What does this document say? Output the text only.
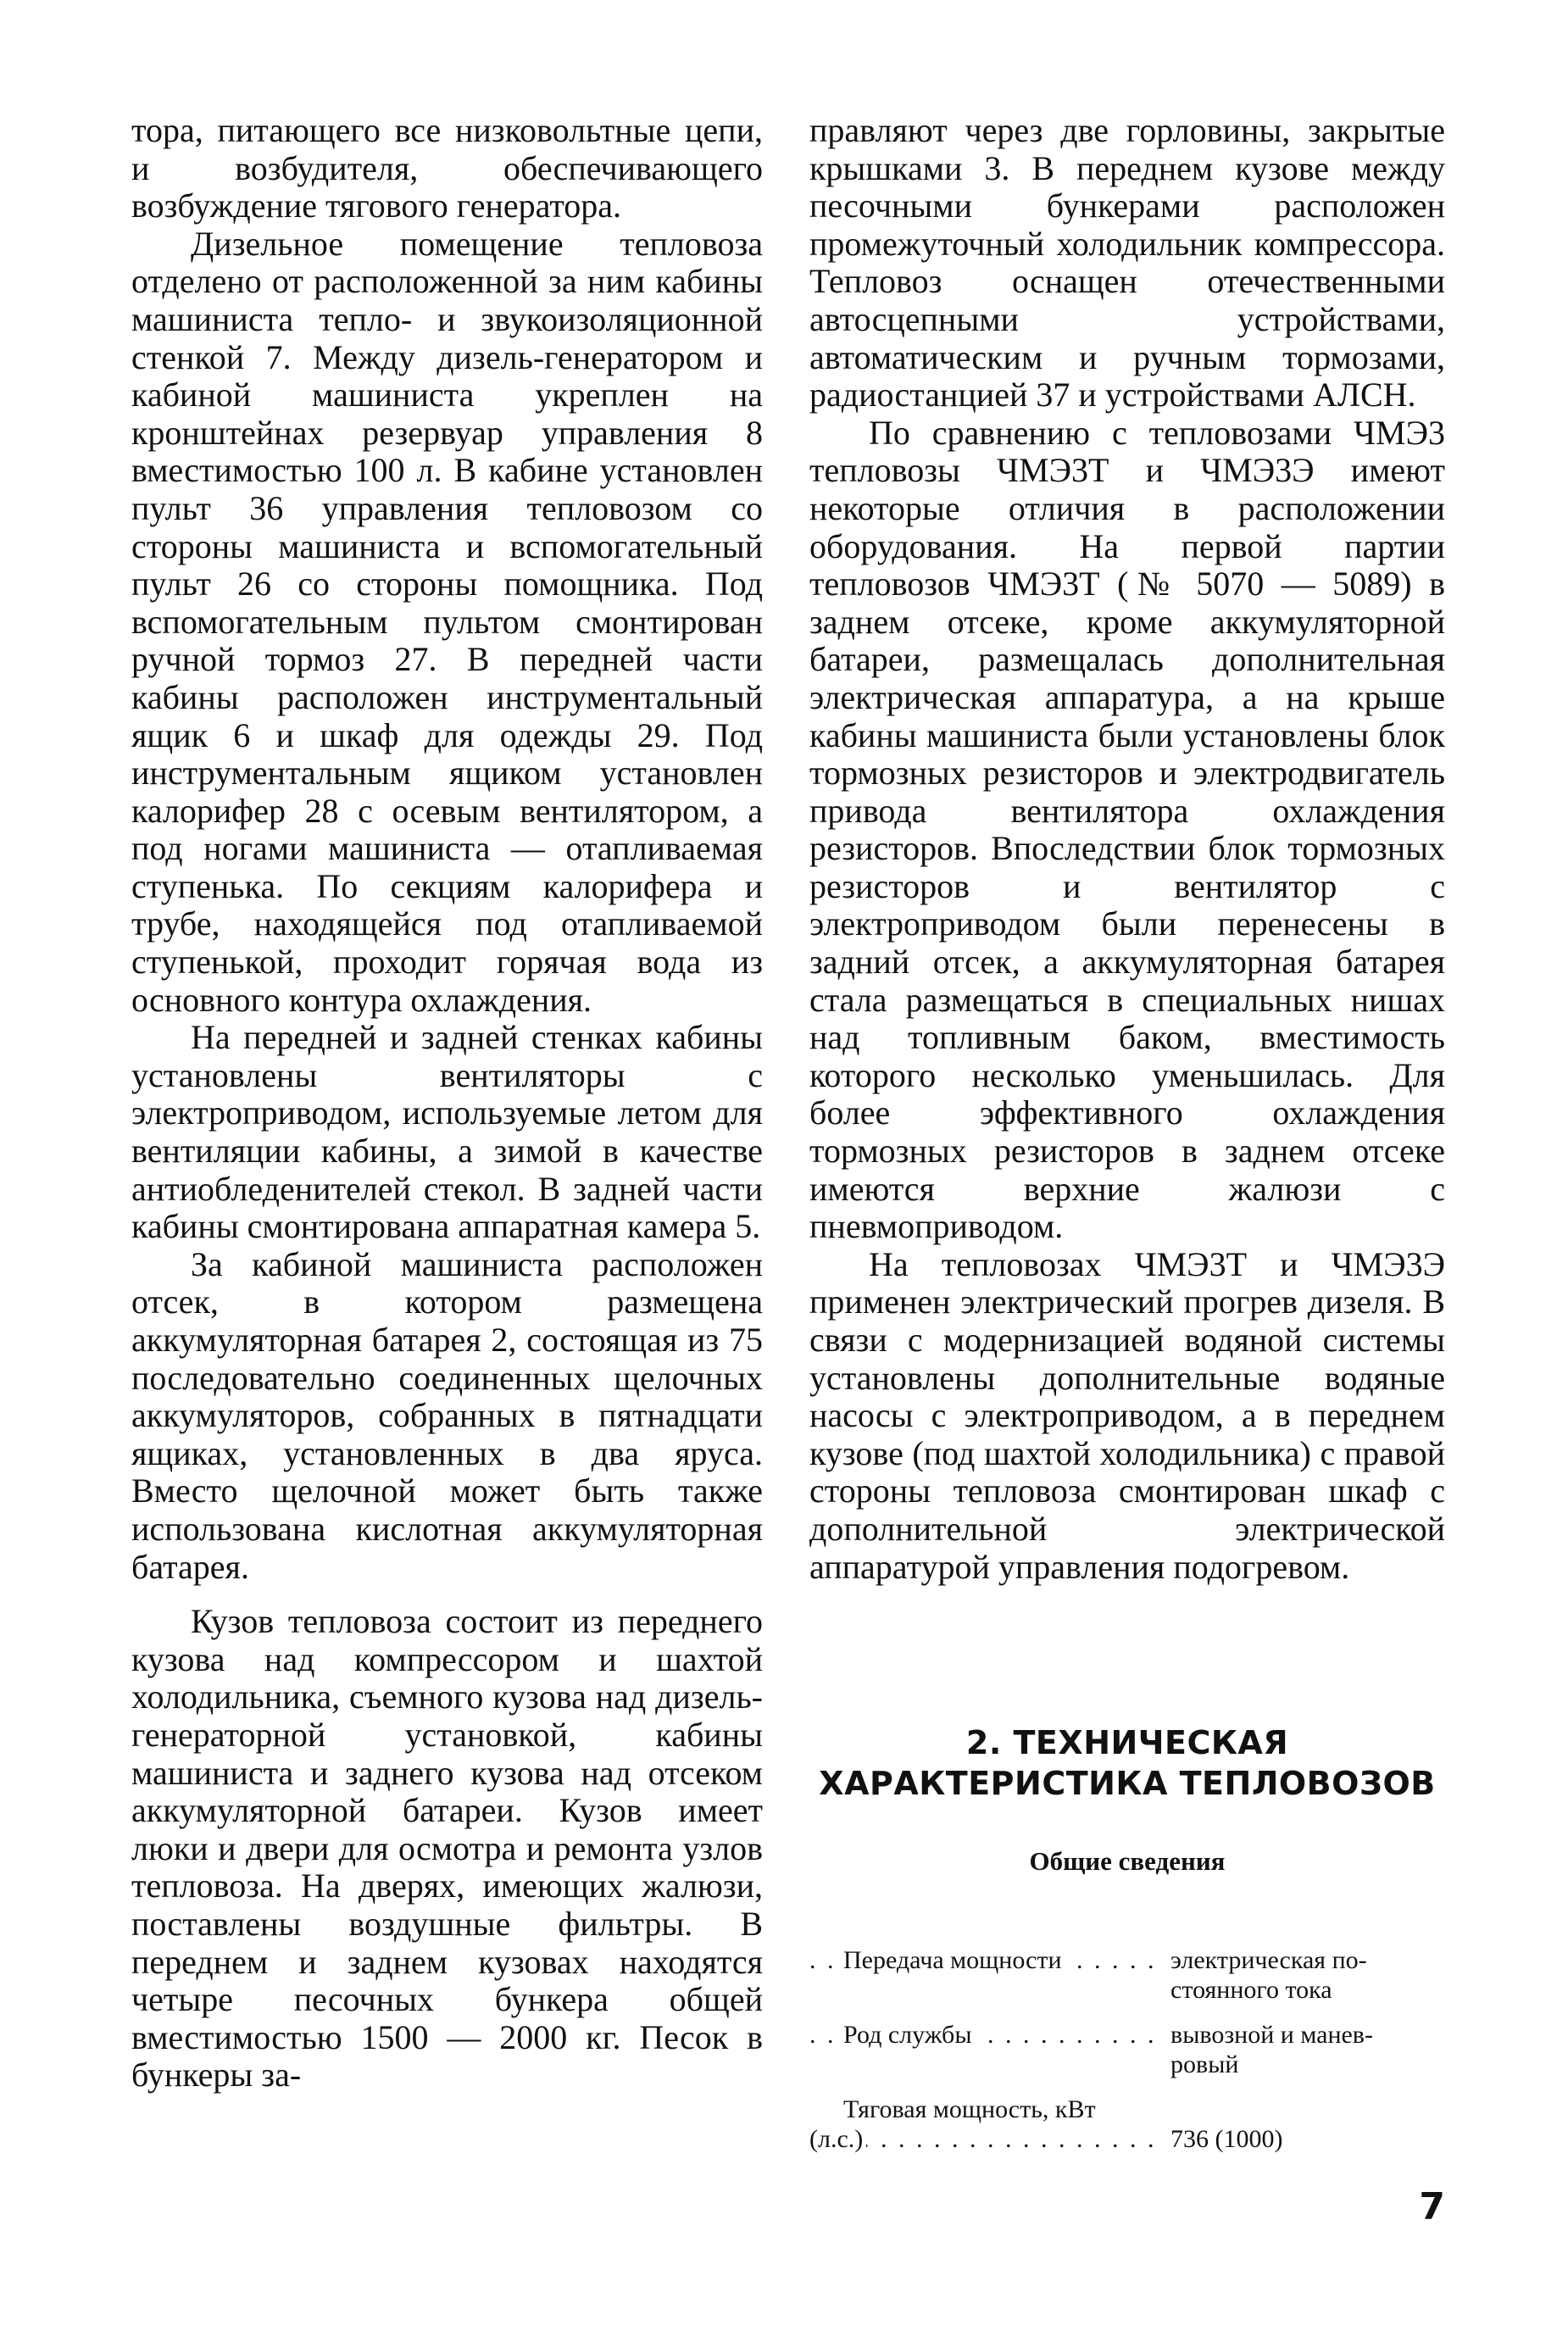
тора, питающего все низковольтные цепи, и возбудителя, обеспечивающего возбуждение тягового генератора.

Дизельное помещение тепловоза отделено от расположенной за ним кабины машиниста тепло- и звукоизоляционной стенкой 7. Между дизель-генератором и кабиной машиниста укреплен на кронштейнах резервуар управления 8 вместимостью 100 л. В кабине установлен пульт 36 управления тепловозом со стороны машиниста и вспомогательный пульт 26 со стороны помощника. Под вспомогательным пультом смонтирован ручной тормоз 27. В передней части кабины расположен инструментальный ящик 6 и шкаф для одежды 29. Под инструментальным ящиком установлен калорифер 28 с осевым вентилятором, а под ногами машиниста — отапливаемая ступенька. По секциям калорифера и трубе, находящейся под отапливаемой ступенькой, проходит горячая вода из основного контура охлаждения.

На передней и задней стенках кабины установлены вентиляторы с электроприводом, используемые летом для вентиляции кабины, а зимой в качестве антиобледенителей стекол. В задней части кабины смонтирована аппаратная камера 5.

За кабиной машиниста расположен отсек, в котором размещена аккумуляторная батарея 2, состоящая из 75 последовательно соединенных щелочных аккумуляторов, собранных в пятнадцати ящиках, установленных в два яруса. Вместо щелочной может быть также использована кислотная аккумуляторная батарея.

Кузов тепловоза состоит из переднего кузова над компрессором и шахтой холодильника, съемного кузова над дизель-генераторной установкой, кабины машиниста и заднего кузова над отсеком аккумуляторной батареи. Кузов имеет люки и двери для осмотра и ремонта узлов тепловоза. На дверях, имеющих жалюзи, поставлены воздушные фильтры. В переднем и заднем кузовах находятся четыре песочных бункера общей вместимостью 1500 — 2000 кг. Песок в бункеры за-

правляют через две горловины, закрытые крышками 3. В переднем кузове между песочными бункерами расположен промежуточный холодильник компрессора. Тепловоз оснащен отечественными автосцепными устройствами, автоматическим и ручным тормозами, радиостанцией 37 и устройствами АЛСН.

По сравнению с тепловозами ЧМЭ3 тепловозы ЧМЭ3Т и ЧМЭ3Э имеют некоторые отличия в расположении оборудования. На первой партии тепловозов ЧМЭ3Т (№ 5070 — 5089) в заднем отсеке, кроме аккумуляторной батареи, размещалась дополнительная электрическая аппаратура, а на крыше кабины машиниста были установлены блок тормозных резисторов и электродвигатель привода вентилятора охлаждения резисторов. Впоследствии блок тормозных резисторов и вентилятор с электроприводом были перенесены в задний отсек, а аккумуляторная батарея стала размещаться в специальных нишах над топливным баком, вместимость которого несколько уменьшилась. Для более эффективного охлаждения тормозных резисторов в заднем отсеке имеются верхние жалюзи с пневмоприводом.

На тепловозах ЧМЭ3Т и ЧМЭ3Э применен электрический прогрев дизеля. В связи с модернизацией водяной системы установлены дополнительные водяные насосы с электроприводом, а в переднем кузове (под шахтой холодильника) с правой стороны тепловоза смонтирован шкаф с дополнительной электрической аппаратурой управления подогревом.

2. ТЕХНИЧЕСКАЯ
ХАРАКТЕРИСТИКА ТЕПЛОВОЗОВ
Общие сведения
Передача мощности . . .	электрическая по-
стоянного тока
Род службы . . .	вывозной и манев-
ровый
Тяговая мощность, кВт
(л.с.) . . .	736 (1000)
7
